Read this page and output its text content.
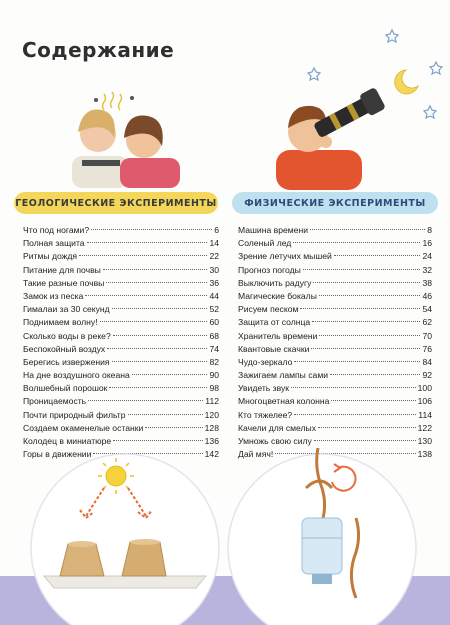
Содержание
ГЕОЛОГИЧЕСКИЕ ЭКСПЕРИМЕНТЫ	ФИЗИЧЕСКИЕ ЭКСПЕРИМЕНТЫ
Что под ногами?	6
Полная защита	14
Ритмы дождя	22
Питание для почвы	30
Такие разные почвы	36
Замок из песка	44
Гималаи за 30 секунд	52
Поднимаем волну!	60
Сколько воды в реке?	68
Беспокойный воздух	74
Берегись извержения	82
На дне воздушного океана	90
Волшебный порошок	98
Проницаемость	112
Почти природный фильтр	120
Создаем окаменелые останки	128
Колодец в миниатюре	136
Горы в движении	142
Машина времени	8
Соленый лед	16
Зрение летучих мышей	24
Прогноз погоды	32
Выключить радугу	38
Магические бокалы	46
Рисуем песком	54
Защита от солнца	62
Хранитель времени	70
Квантовые скачки	76
Чудо-зеркало	84
Зажигаем лампы сами	92
Увидеть звук	100
Многоцветная колонна	106
Кто тяжелее?	114
Качели для смелых	122
Умножь свою силу	130
Дай мяч!	138
